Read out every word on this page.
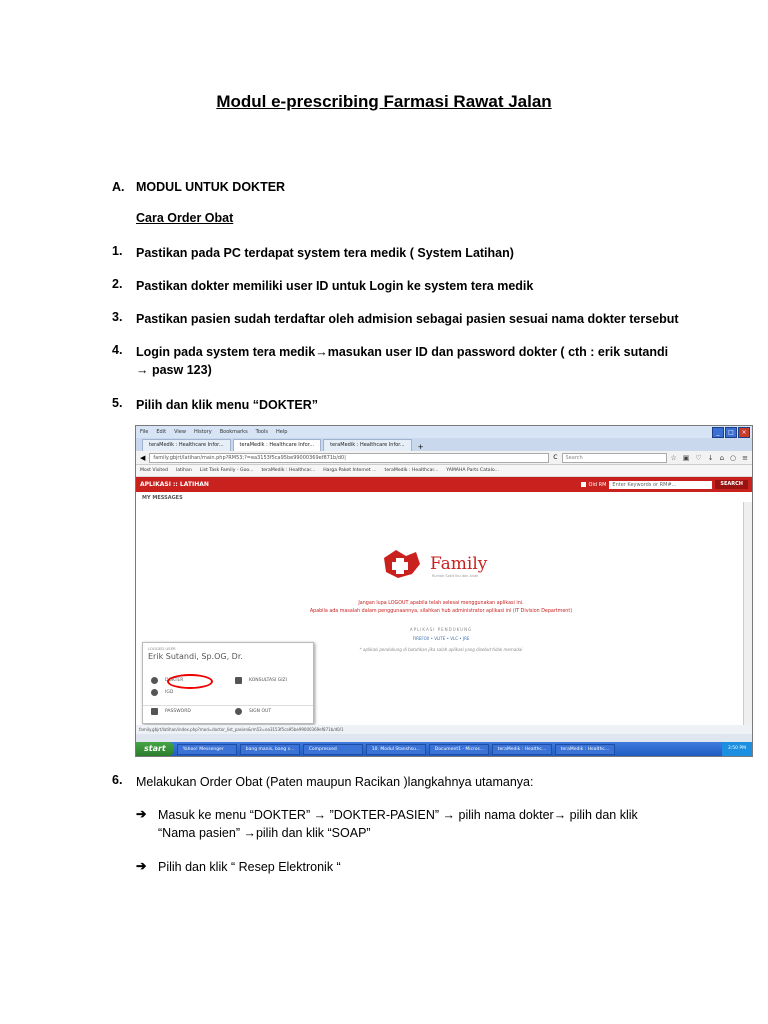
Modul e-prescribing Farmasi Rawat Jalan
A. MODUL UNTUK DOKTER
Cara Order Obat
1. Pastikan pada PC terdapat system tera medik ( System Latihan)
2. Pastikan dokter memiliki user ID untuk Login ke system tera medik
3. Pastikan pasien sudah terdaftar oleh admision sebagai pasien sesuai nama dokter tersebut
4. Login pada system tera medik→masukan user ID dan password dokter ( cth : erik sutandi → pasw 123)
5. Pilih dan klik menu “DOKTER”
File Edit View History Bookmarks Tools Help	_	□	×
teraMedik : Healthcare Infor...	teraMedik : Healthcare Infor...	teraMedik : Healthcare Infor...	+
◀	family.gbjrt/latihan/main.php?RM53;?=ea3153f5ca95be99000369ef871b/d0|	C	Search	☆ ▣ ♡ ↓ ⌂ ○ ≡
Most Visited latihan List Task Family - Goo... teraMedik : Healthcar... Harga Paket Internet ... teraMedik : Healthcar... YAMAHA Parts Catalo...
APLIKASI :: LATIHAN	Old RM	Enter Keywords or RM#...	SEARCH
MY MESSAGES
Family
Rumah Sakit Ibu dan Anak
Jangan lupa LOGOUT apabila telah selesai menggunakan aplikasi ini.
Apabila ada masalah dalam penggunaannya, silahkan hub administrator aplikasi ini (IT Division Department)
APLIKASI PENDUKUNG
FIREFOX • VLITE • VLC • JRE
* aplikasi pendukung di butuhkan jika salah aplikasi yang disebut tidak memadai
LOGGED USER
Erik Sutandi, Sp.OG, Dr.
DOKTER	KONSULTASI GIZI
IGD
PASSWORD	SIGN OUT
family.gbjrt/latihan/index.php?mod=doctor_list_pasien&rm53=ea3153f5ca95be99000369ef871b/d0/1
start	Yahoo! Messenger	bang manis, bang s...	Compressed	10. Modul Stanshsu...	Document1 - Micros...	teraMedik : Healthc...	teraMedik : Healthc...	3:50 PM
6. Melakukan Order Obat (Paten maupun Racikan )langkahnya utamanya:
➔ Masuk ke menu “DOKTER” → ”DOKTER-PASIEN” → pilih nama dokter→ pilih dan klik “Nama pasien” →pilih dan klik “SOAP”
➔ Pilih dan klik “ Resep Elektronik “
